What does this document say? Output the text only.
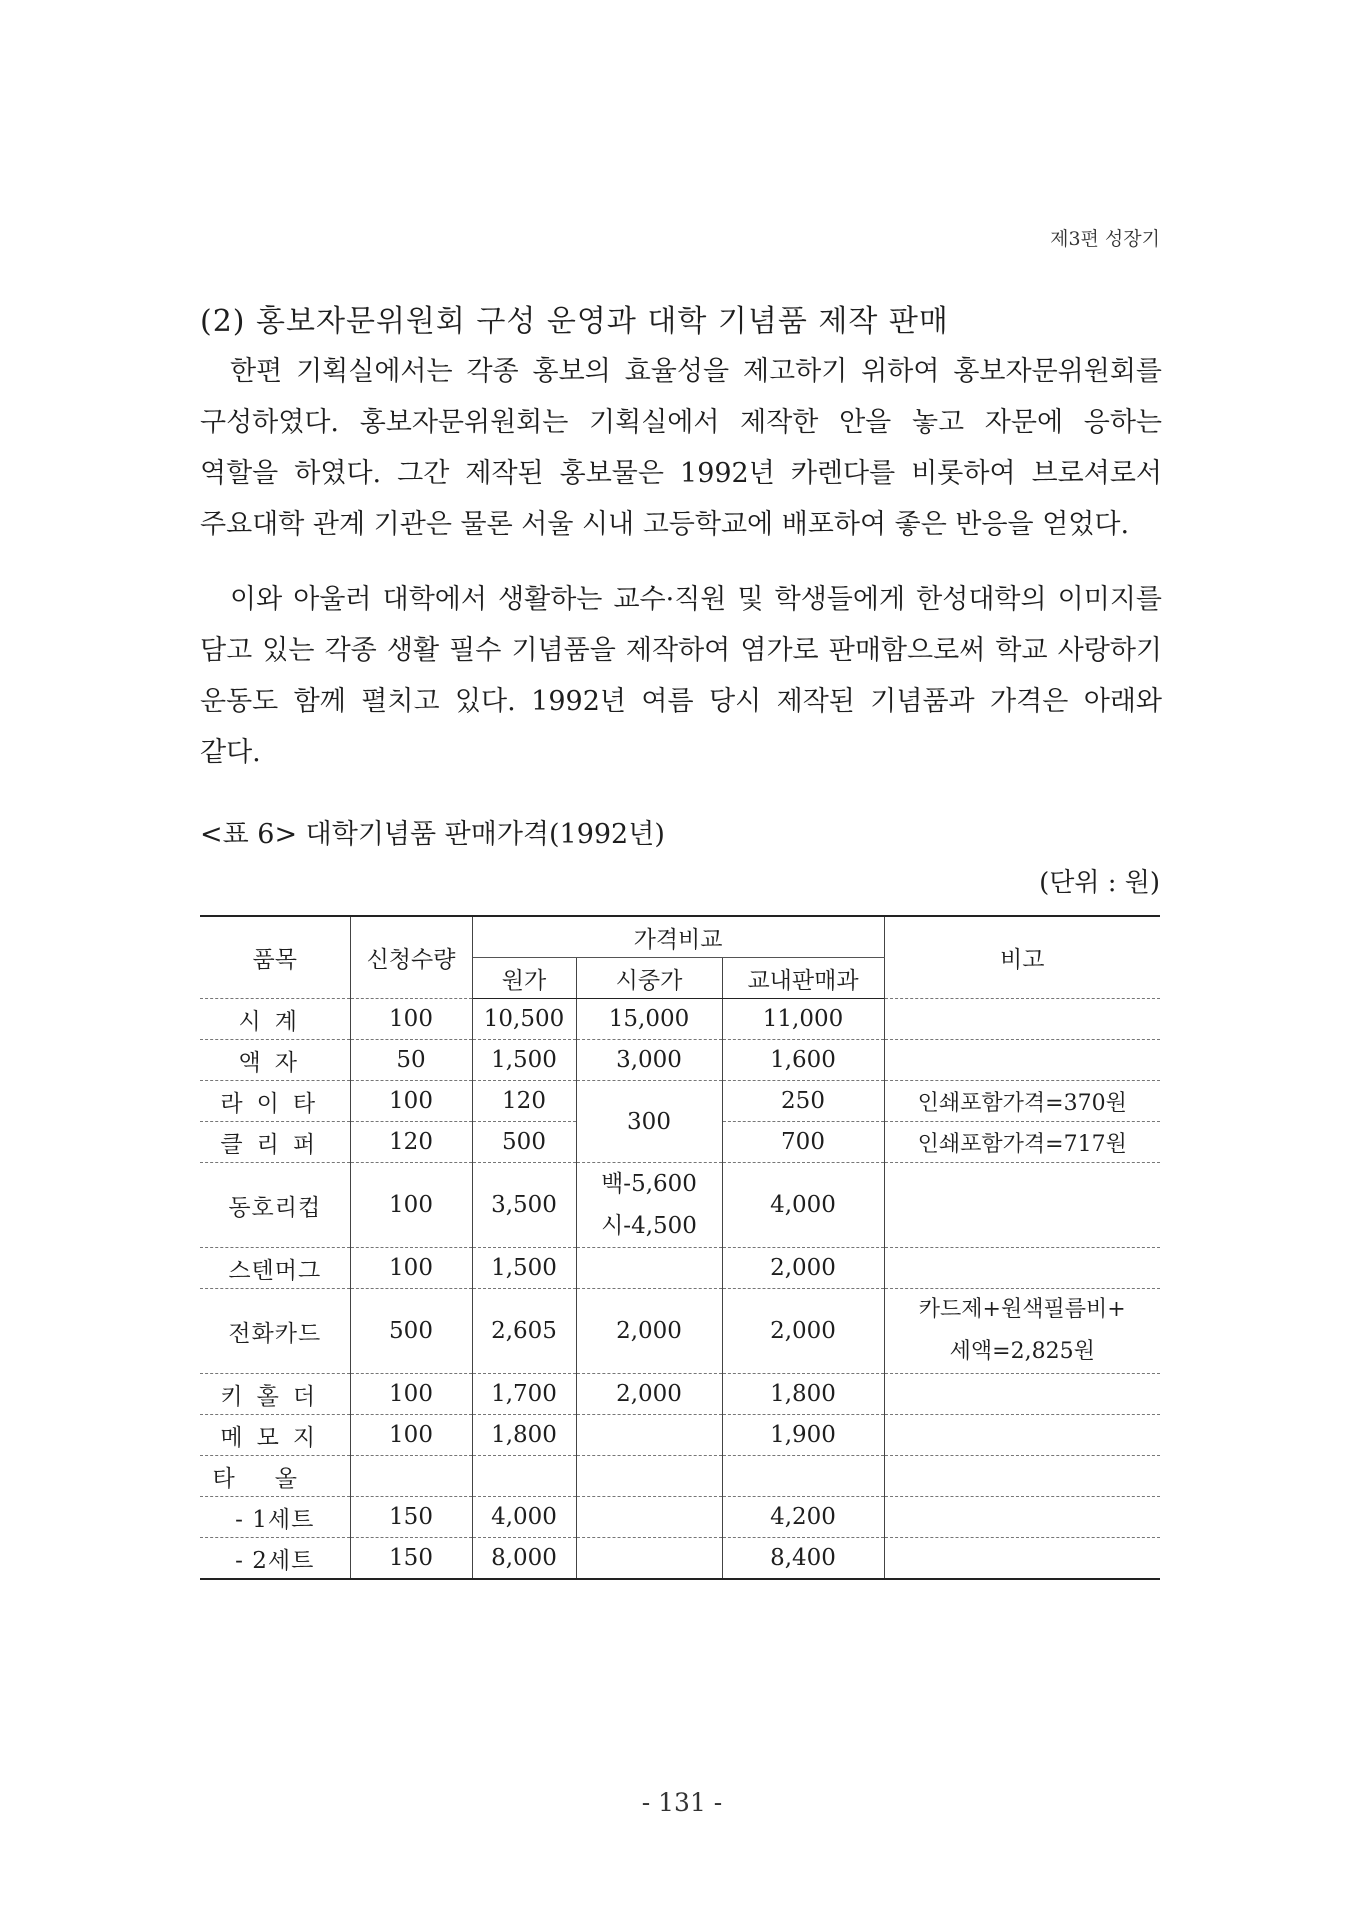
제3편 성장기
(2) 홍보자문위원회 구성 운영과 대학 기념품 제작 판매

한편 기획실에서는 각종 홍보의 효율성을 제고하기 위하여 홍보자문위원회를 구성하였다. 홍보자문위원회는 기획실에서 제작한 안을 놓고 자문에 응하는 역할을 하였다. 그간 제작된 홍보물은 1992년 카렌다를 비롯하여 브로셔로서 주요대학 관계 기관은 물론 서울 시내 고등학교에 배포하여 좋은 반응을 얻었다.

이와 아울러 대학에서 생활하는 교수·직원 및 학생들에게 한성대학의 이미지를 담고 있는 각종 생활 필수 기념품을 제작하여 염가로 판매함으로써 학교 사랑하기 운동도 함께 펼치고 있다. 1992년 여름 당시 제작된 기념품과 가격은 아래와 같다.

<표 6> 대학기념품 판매가격(1992년)
(단위 : 원)
품목	신청수량	가격비교			비고
		원가	시중가	교내판매과	
시계	100	10,500	15,000	11,000	
액자	50	1,500	3,000	1,600	
라이타	100	120	300	250	인쇄포함가격=370원
클리퍼	120	500		700	인쇄포함가격=717원
동호리컵	100	3,500	백-5,600
시-4,500	4,000	
스텐머그	100	1,500		2,000	
전화카드	500	2,605	2,000	2,000	카드제+원색필름비+
세액=2,825원

키홀더	100	1,700	2,000	1,800	
메모지	100	1,800		1,900	
타올					
- 1세트	150	4,000		4,200	
- 2세트	150	8,000		8,400	
- 131 -
